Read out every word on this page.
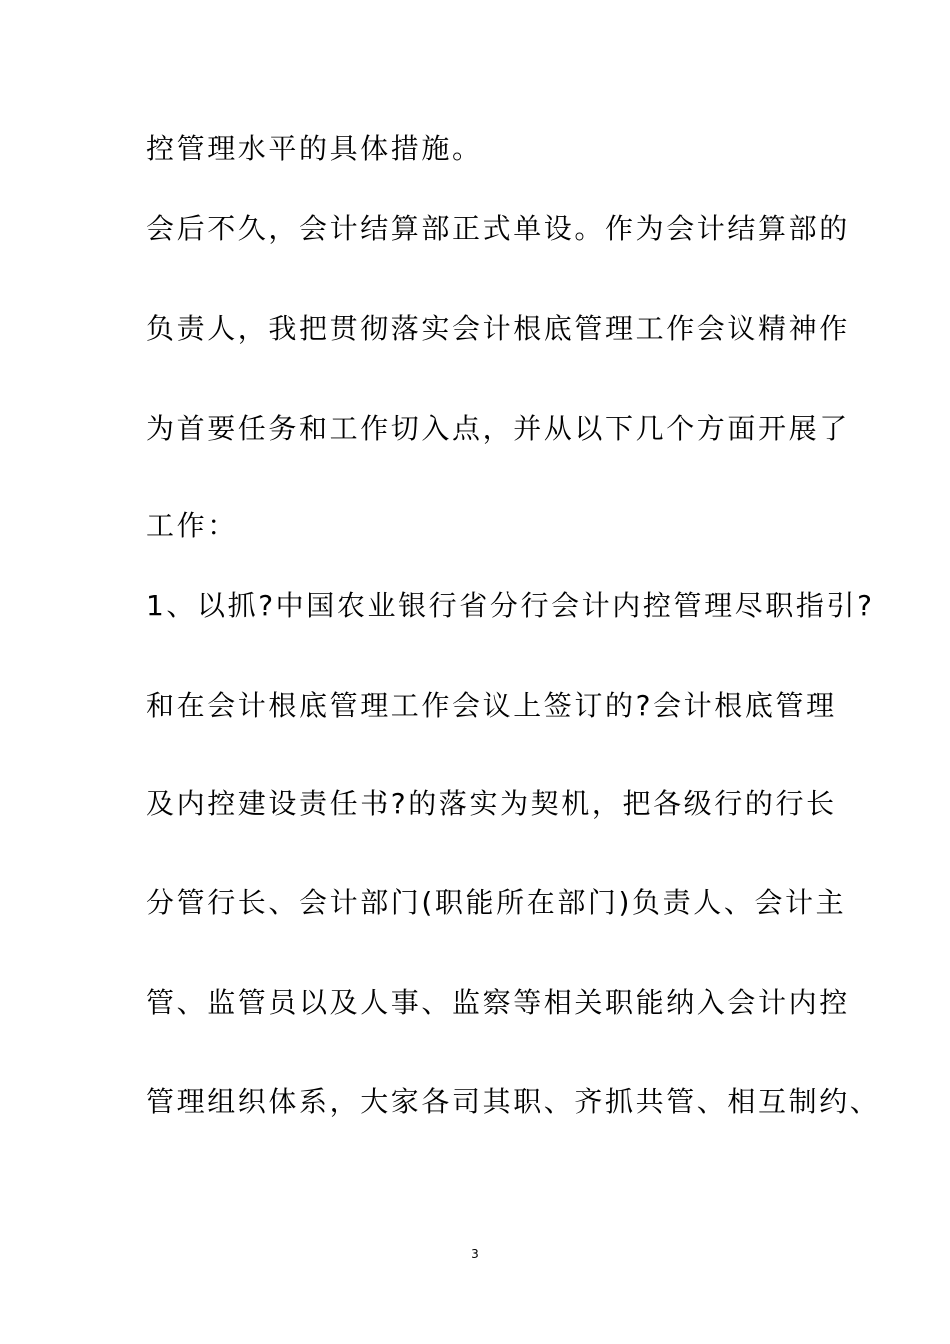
控管理水平的具体措施。
会后不久，会计结算部正式单设。作为会计结算部的
负责人，我把贯彻落实会计根底管理工作会议精神作
为首要任务和工作切入点，并从以下几个方面开展了
工作：
1、以抓?中国农业银行省分行会计内控管理尽职指引?
和在会计根底管理工作会议上签订的?会计根底管理
及内控建设责任书?的落实为契机，把各级行的行长
分管行长、会计部门(职能所在部门)负责人、会计主
管、监管员以及人事、监察等相关职能纳入会计内控
管理组织体系，大家各司其职、齐抓共管、相互制约、
3
